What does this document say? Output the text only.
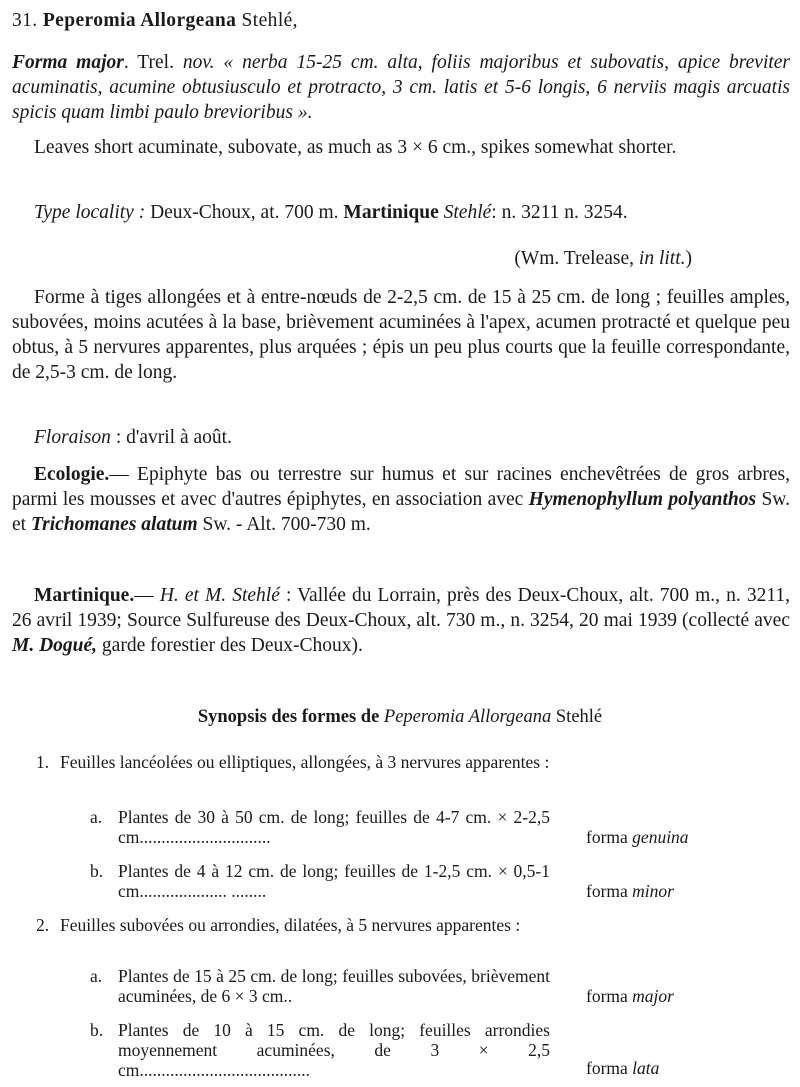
31. Peperomia Allorgeana Stehlé,
Forma major. Trel. nov. « nerba 15-25 cm. alta, foliis majoribus et subovatis, apice breviter acuminatis, acumine obtusiusculo et protracto, 3 cm. latis et 5-6 longis, 6 nerviis magis arcuatis spicis quam limbi paulo brevioribus ».
Leaves short acuminate, subovate, as much as 3 × 6 cm., spikes somewhat shorter.
Type locality : Deux-Choux, at. 700 m. Martinique Stehlé: n. 3211 n. 3254.
(Wm. Trelease, in litt.)
Forme à tiges allongées et à entre-nœuds de 2-2,5 cm. de 15 à 25 cm. de long ; feuilles amples, subovées, moins acutées à la base, brièvement acuminées à l'apex, acumen protracté et quelque peu obtus, à 5 nervures apparentes, plus arquées ; épis un peu plus courts que la feuille correspondante, de 2,5-3 cm. de long.
Floraison : d'avril à août.
Ecologie.— Epiphyte bas ou terrestre sur humus et sur racines enchevêtrées de gros arbres, parmi les mousses et avec d'autres épiphytes, en association avec Hymenophyllum polyanthos Sw. et Trichomanes alatum Sw. - Alt. 700-730 m.
Martinique.— H. et M. Stehlé : Vallée du Lorrain, près des Deux-Choux, alt. 700 m., n. 3211, 26 avril 1939; Source Sulfureuse des Deux-Choux, alt. 730 m., n. 3254, 20 mai 1939 (collecté avec M. Dogué, garde forestier des Deux-Choux).
Synopsis des formes de Peperomia Allorgeana Stehlé
1. Feuilles lancéolées ou elliptiques, allongées, à 3 nervures apparentes :
a. Plantes de 30 à 50 cm. de long; feuilles de 4-7 cm. × 2-2,5 cm..............................	forma genuina
b. Plantes de 4 à 12 cm. de long; feuilles de 1-2,5 cm. × 0,5-1 cm.................... ........	forma minor
2. Feuilles subovées ou arrondies, dilatées, à 5 nervures apparentes :
a. Plantes de 15 à 25 cm. de long; feuilles subovées, brièvement acuminées, de 6 × 3 cm..	forma major
b. Plantes de 10 à 15 cm. de long; feuilles arrondies moyennement acuminées, de 3 × 2,5 cm.......................................	forma lata
